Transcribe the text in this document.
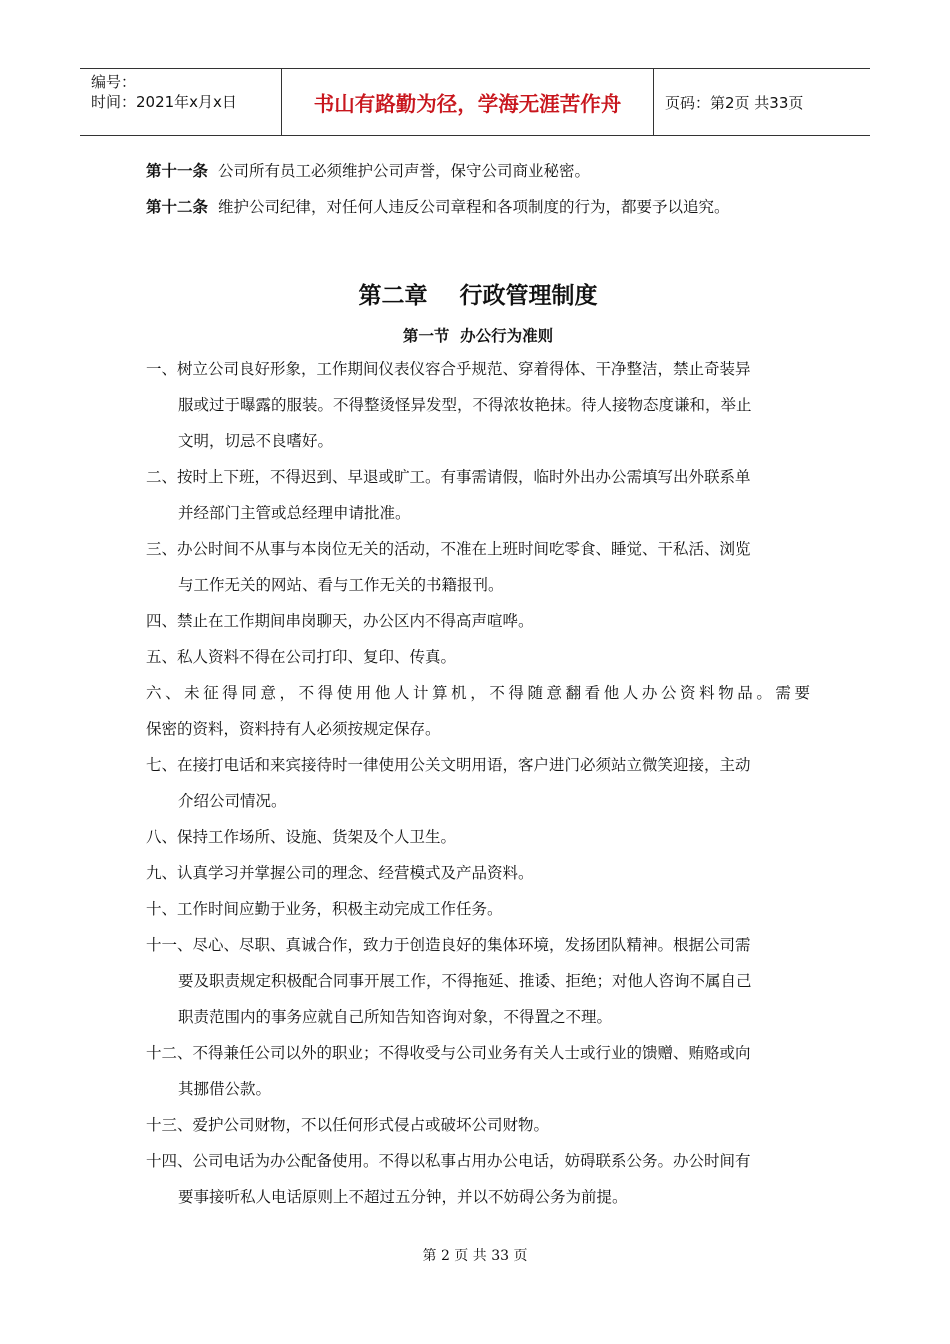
编号：
时间：2021年x月x日	书山有路勤为径，学海无涯苦作舟	页码：第2页 共33页
第十一条 公司所有员工必须维护公司声誉，保守公司商业秘密。
第十二条 维护公司纪律，对任何人违反公司章程和各项制度的行为，都要予以追究。
第二章    行政管理制度
第一节  办公行为准则
一、树立公司良好形象，工作期间仪表仪容合乎规范、穿着得体、干净整洁，禁止奇装异
服或过于曝露的服装。不得整烫怪异发型，不得浓妆艳抹。待人接物态度谦和，举止
文明，切忌不良嗜好。
二、按时上下班，不得迟到、早退或旷工。有事需请假，临时外出办公需填写出外联系单
并经部门主管或总经理申请批准。
三、办公时间不从事与本岗位无关的活动，不准在上班时间吃零食、睡觉、干私活、浏览
与工作无关的网站、看与工作无关的书籍报刊。
四、禁止在工作期间串岗聊天，办公区内不得高声喧哗。
五、私人资料不得在公司打印、复印、传真。
六、未征得同意，不得使用他人计算机，不得随意翻看他人办公资料物品。需要
保密的资料，资料持有人必须按规定保存。
七、在接打电话和来宾接待时一律使用公关文明用语，客户进门必须站立微笑迎接，主动
介绍公司情况。
八、保持工作场所、设施、货架及个人卫生。
九、认真学习并掌握公司的理念、经营模式及产品资料。
十、工作时间应勤于业务，积极主动完成工作任务。
十一、尽心、尽职、真诚合作，致力于创造良好的集体环境，发扬团队精神。根据公司需
要及职责规定积极配合同事开展工作，不得拖延、推诿、拒绝；对他人咨询不属自己
职责范围内的事务应就自己所知告知咨询对象，不得置之不理。
十二、不得兼任公司以外的职业；不得收受与公司业务有关人士或行业的馈赠、贿赂或向
其挪借公款。
十三、爱护公司财物，不以任何形式侵占或破坏公司财物。
十四、公司电话为办公配备使用。不得以私事占用办公电话，妨碍联系公务。办公时间有
要事接听私人电话原则上不超过五分钟，并以不妨碍公务为前提。
第 2 页 共 33 页
